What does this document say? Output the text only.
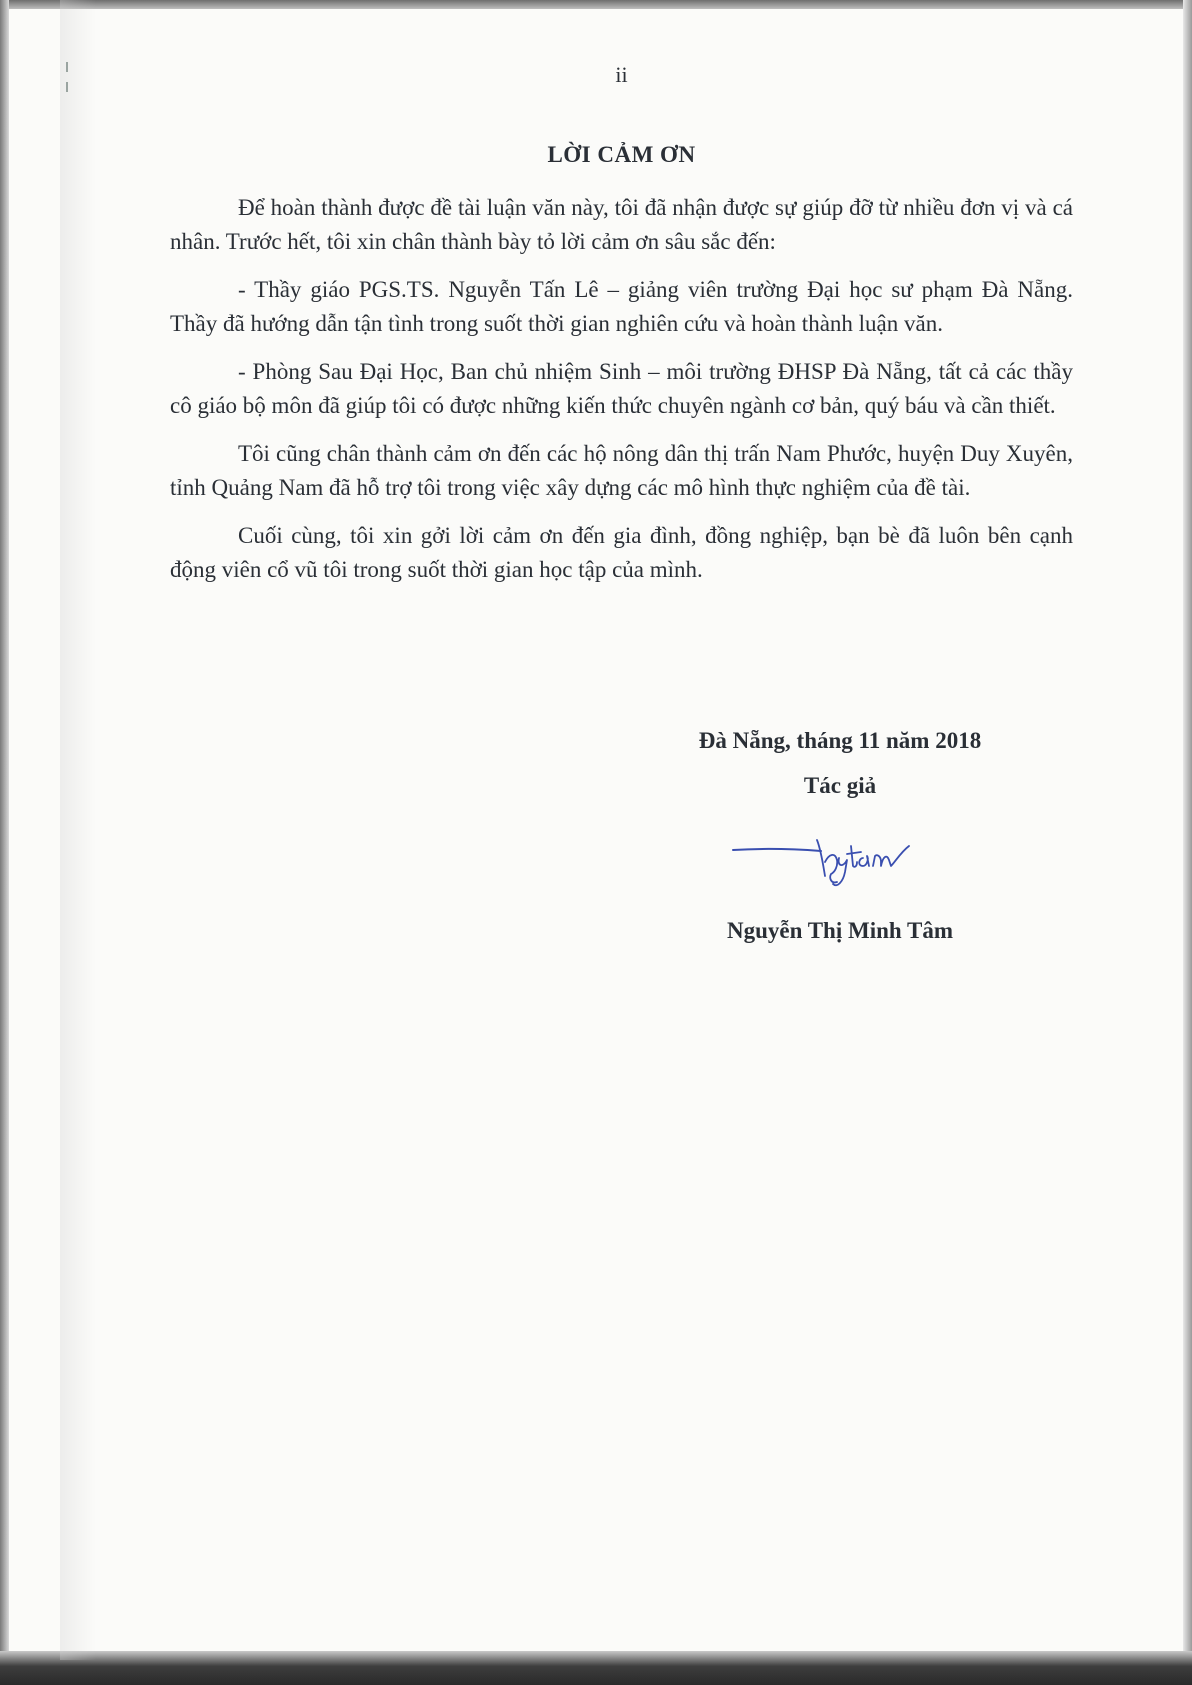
ii
LỜI CẢM ƠN

Để hoàn thành được đề tài luận văn này, tôi đã nhận được sự giúp đỡ từ nhiều đơn vị và cá nhân. Trước hết, tôi xin chân thành bày tỏ lời cảm ơn sâu sắc đến:

- Thầy giáo PGS.TS. Nguyễn Tấn Lê – giảng viên trường Đại học sư phạm Đà Nẵng. Thầy đã hướng dẫn tận tình trong suốt thời gian nghiên cứu và hoàn thành luận văn.

- Phòng Sau Đại Học, Ban chủ nhiệm Sinh – môi trường ĐHSP Đà Nẵng, tất cả các thầy cô giáo bộ môn đã giúp tôi có được những kiến thức chuyên ngành cơ bản, quý báu và cần thiết.

Tôi cũng chân thành cảm ơn đến các hộ nông dân thị trấn Nam Phước, huyện Duy Xuyên, tỉnh Quảng Nam đã hỗ trợ tôi trong việc xây dựng các mô hình thực nghiệm của đề tài.

Cuối cùng, tôi xin gởi lời cảm ơn đến gia đình, đồng nghiệp, bạn bè đã luôn bên cạnh động viên cổ vũ tôi trong suốt thời gian học tập của mình.

Đà Nẵng, tháng 11 năm 2018
Tác giả
Nguyễn Thị Minh Tâm
